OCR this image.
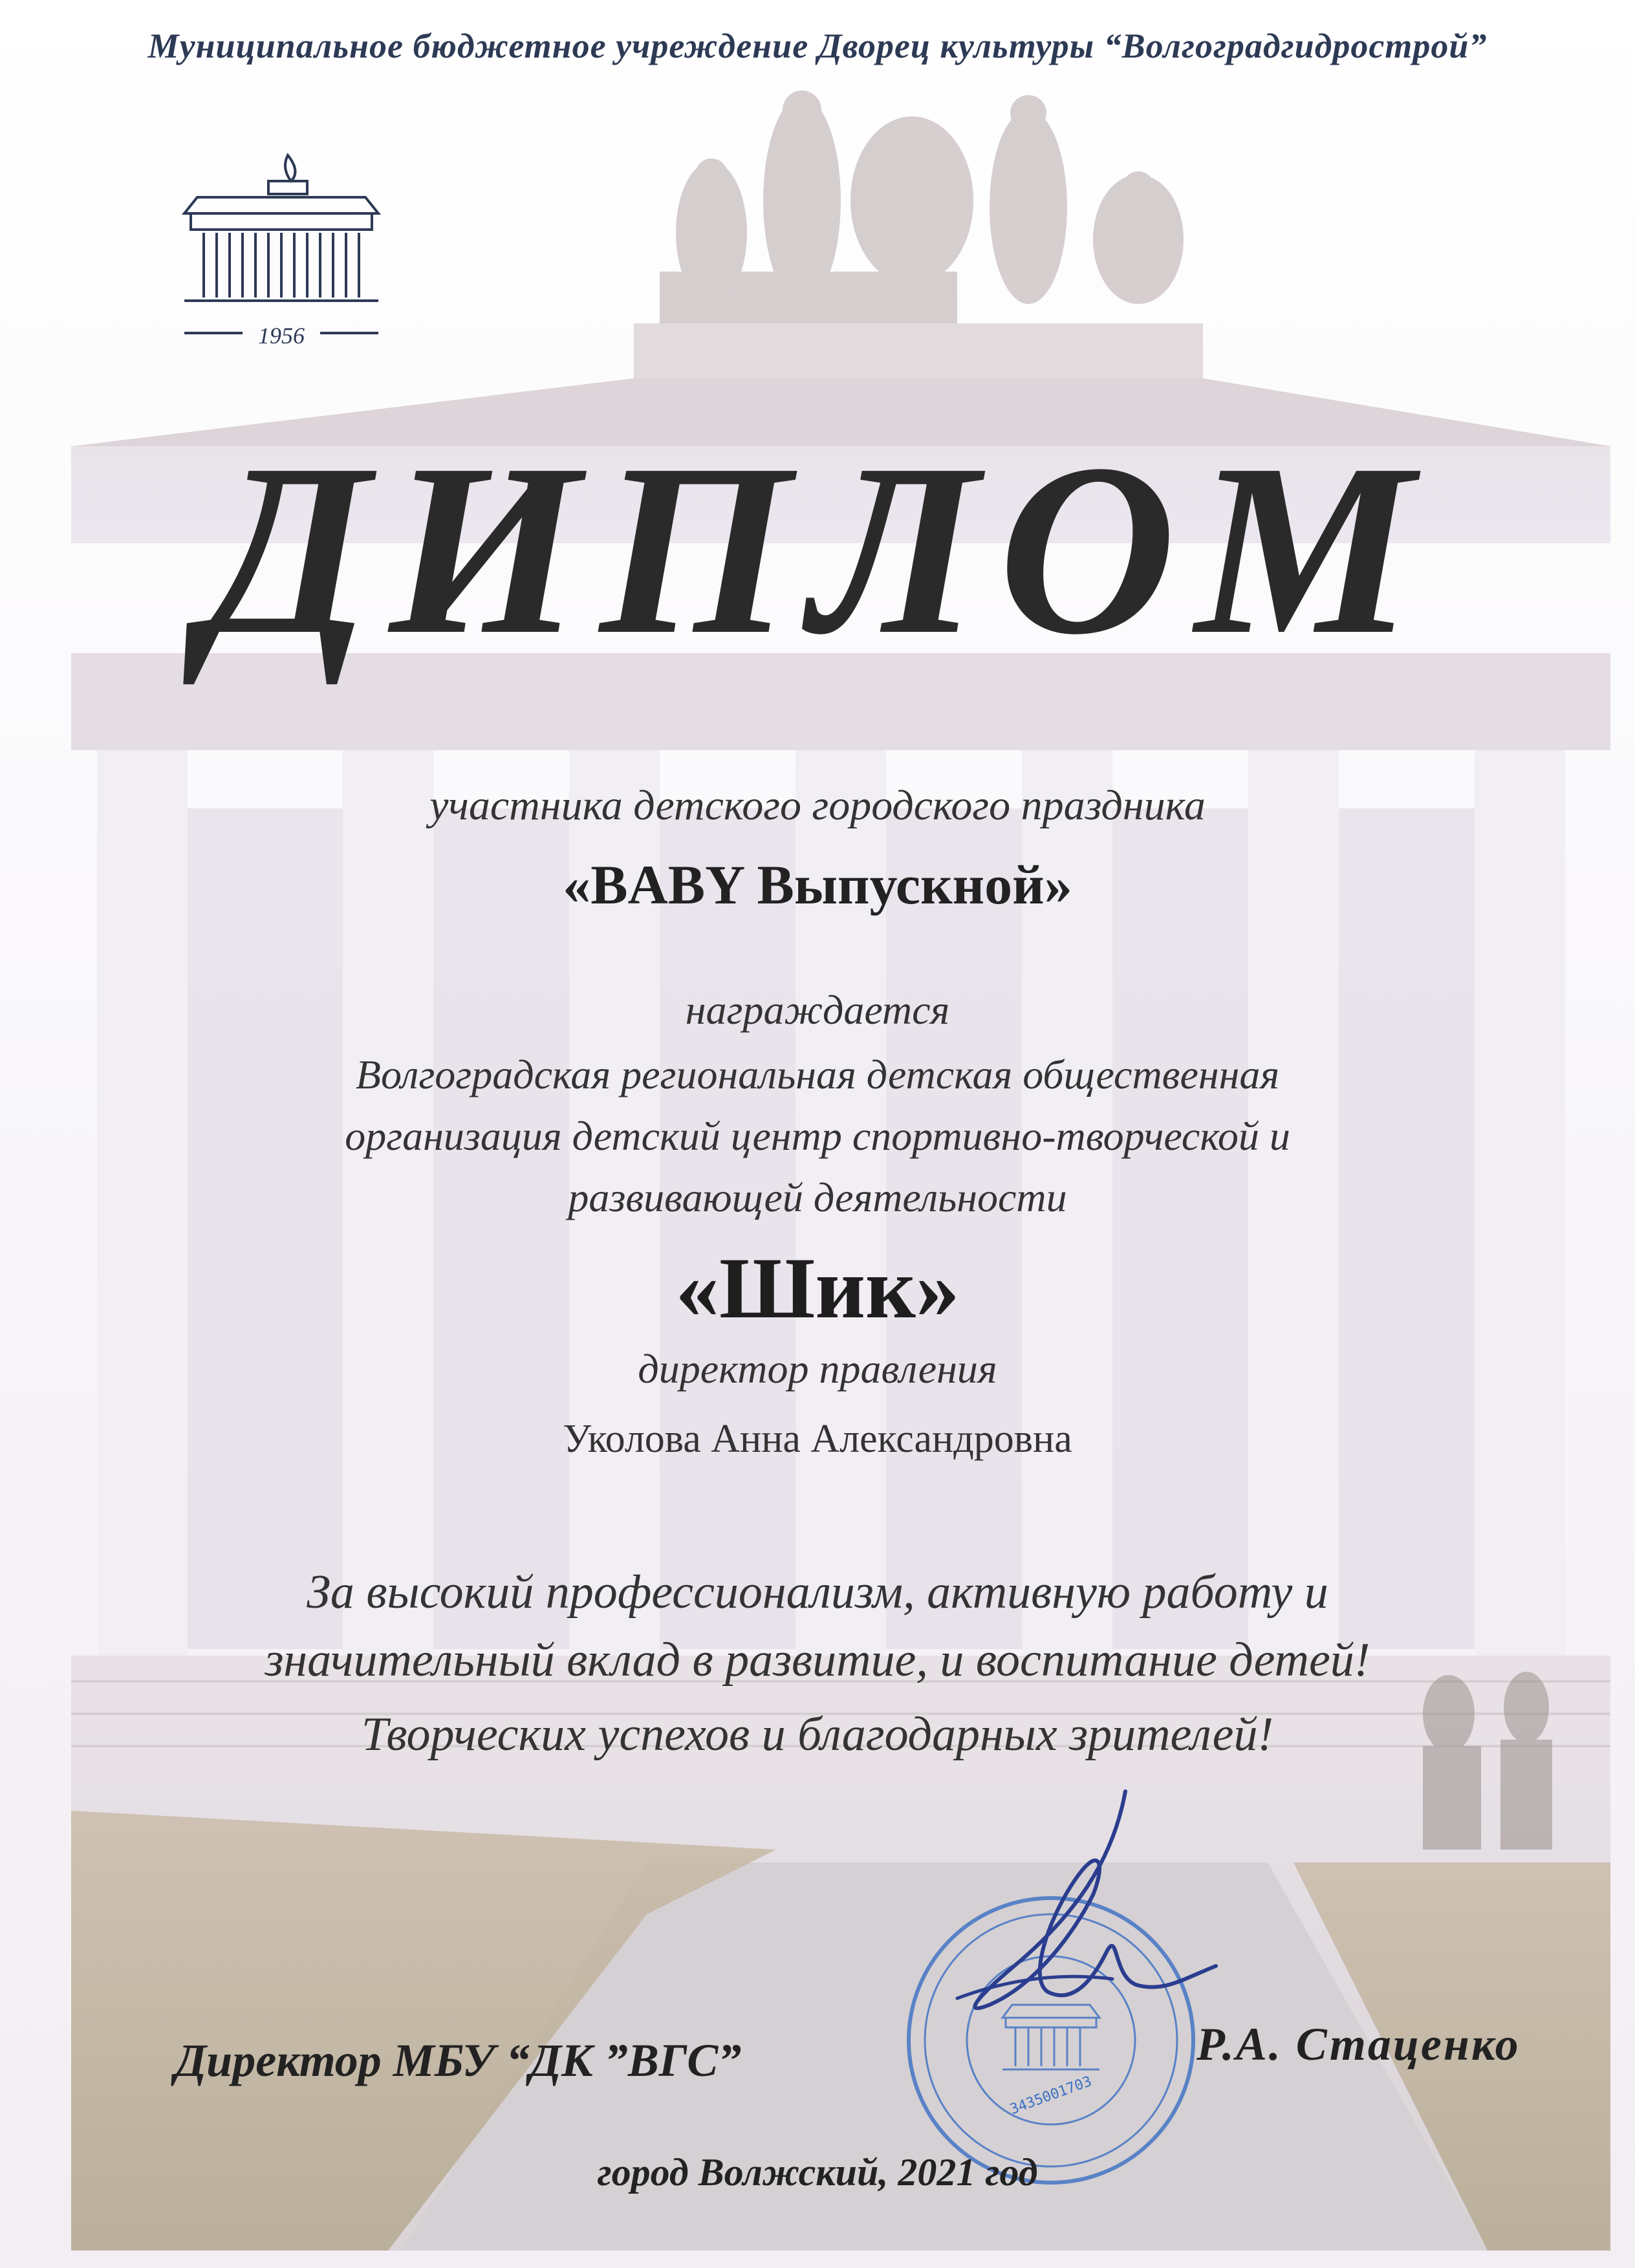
Муниципальное бюджетное учреждение Дворец культуры “Волгоградгидрострой”
1956
ДИПЛОМ
участника детского городского праздника
«BABY Выпускной»
награждается
Волгоградская региональная детская общественная
организация детский центр спортивно-творческой и
развивающей деятельности
«Шик»
директор правления
Уколова Анна Александровна
За высокий профессионализм, активную работу и
значительный вклад в развитие, и воспитание детей!
Творческих успехов и благодарных зрителей!
3435001703
Директор МБУ “ДК ”ВГС”	Р.А. Стаценко
город Волжский, 2021 год
